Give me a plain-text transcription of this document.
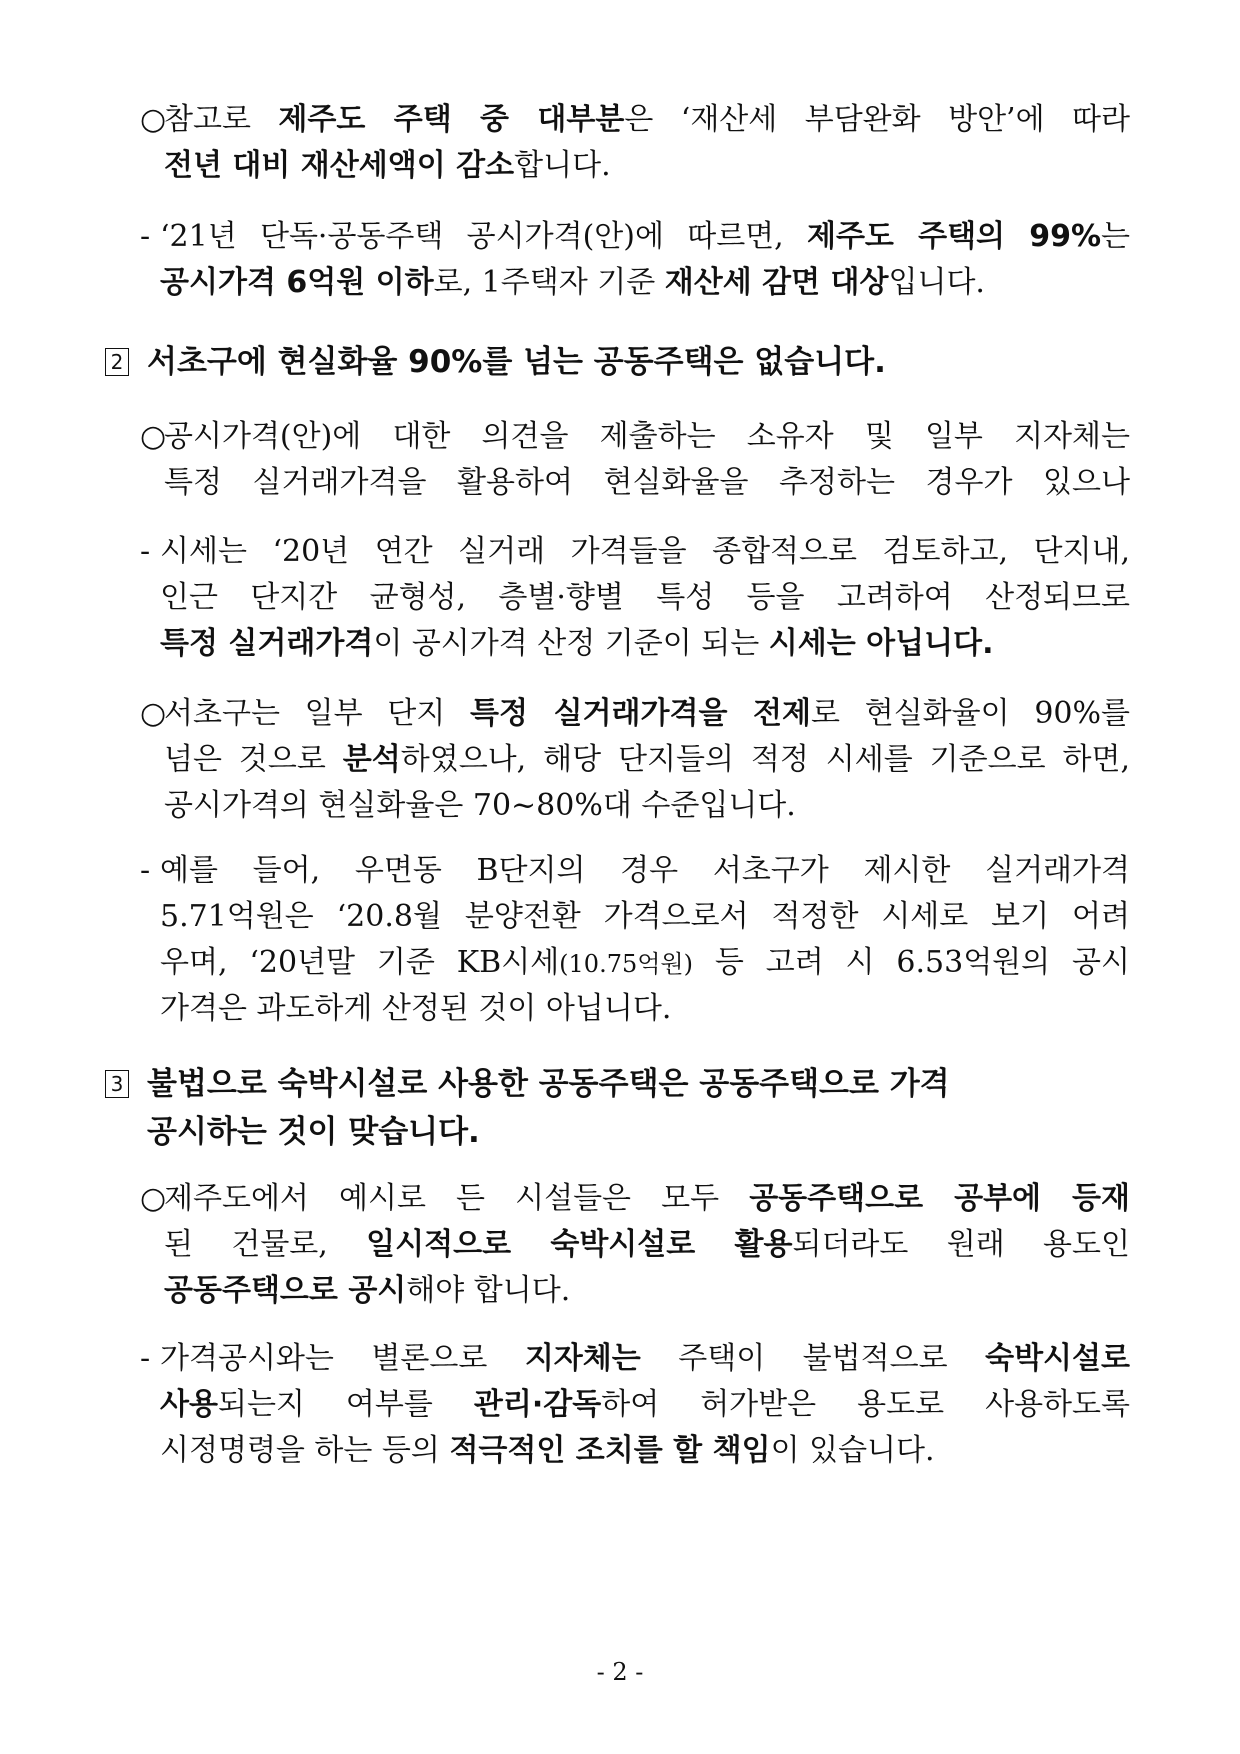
○
참고로 제주도 주택 중 대부분은 ‘재산세 부담완화 방안’에 따라
전년 대비 재산세액이 감소합니다.
- ‘21년 단독·공동주택 공시가격(안)에 따르면, 제주도 주택의 99%는
공시가격 6억원 이하로, 1주택자 기준 재산세 감면 대상입니다.
2 서초구에 현실화율 90%를 넘는 공동주택은 없습니다.
○
공시가격(안)에 대한 의견을 제출하는 소유자 및 일부 지자체는
특정 실거래가격을 활용하여 현실화율을 추정하는 경우가 있으나
- 시세는 ‘20년 연간 실거래 가격들을 종합적으로 검토하고, 단지내,
인근 단지간 균형성, 층별·향별 특성 등을 고려하여 산정되므로
특정 실거래가격이 공시가격 산정 기준이 되는 시세는 아닙니다.
○
서초구는 일부 단지 특정 실거래가격을 전제로 현실화율이 90%를
넘은 것으로 분석하였으나, 해당 단지들의 적정 시세를 기준으로 하면,
공시가격의 현실화율은 70~80%대 수준입니다.
- 예를 들어, 우면동 B단지의 경우 서초구가 제시한 실거래가격
5.71억원은 ‘20.8월 분양전환 가격으로서 적정한 시세로 보기 어려
우며, ‘20년말 기준 KB시세(10.75억원) 등 고려 시 6.53억원의 공시
가격은 과도하게 산정된 것이 아닙니다.
3 불법으로 숙박시설로 사용한 공동주택은 공동주택으로 가격
공시하는 것이 맞습니다.
○
제주도에서 예시로 든 시설들은 모두 공동주택으로 공부에 등재
된 건물로, 일시적으로 숙박시설로 활용되더라도 원래 용도인
공동주택으로 공시해야 합니다.
- 가격공시와는 별론으로 지자체는 주택이 불법적으로 숙박시설로
사용되는지 여부를 관리·감독하여 허가받은 용도로 사용하도록
시정명령을 하는 등의 적극적인 조치를 할 책임이 있습니다.
- 2 -
